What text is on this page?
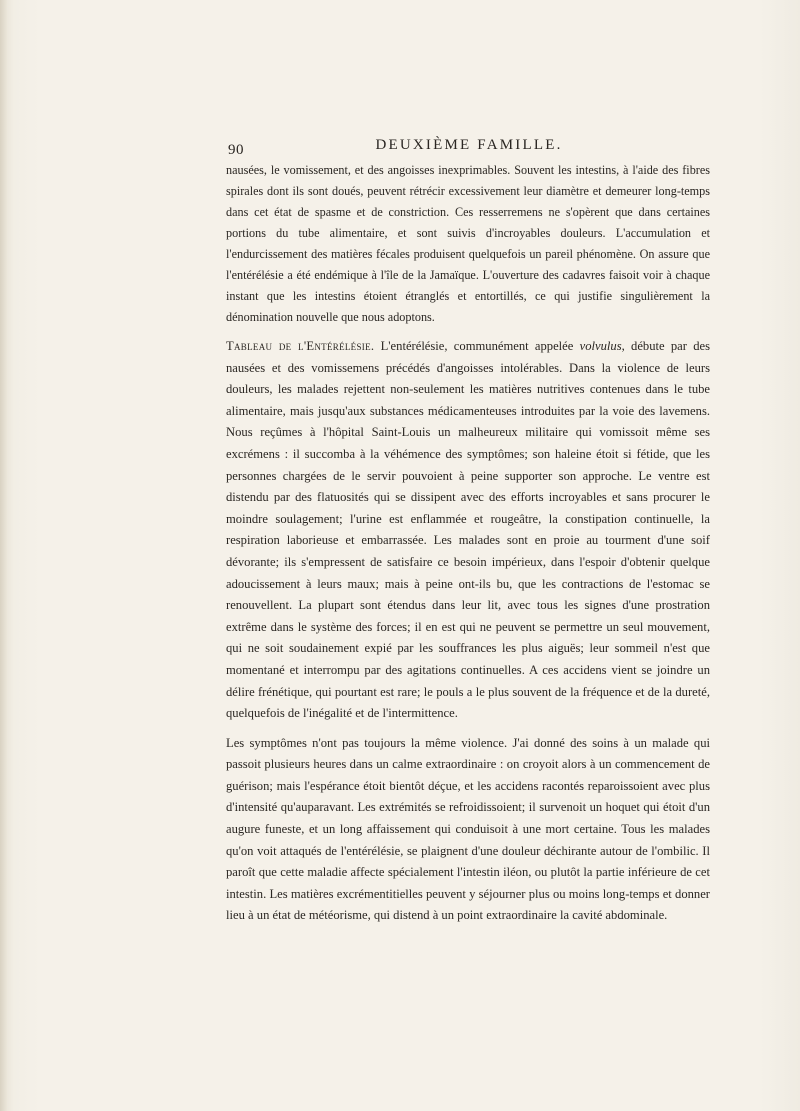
90	DEUXIÈME FAMILLE.

nausées, le vomissement, et des angoisses inexprimables. Souvent les intestins, à l'aide des fibres spirales dont ils sont doués, peuvent rétrécir excessivement leur diamètre et demeurer long-temps dans cet état de spasme et de constriction. Ces resserremens ne s'opèrent que dans certaines portions du tube alimentaire, et sont suivis d'incroyables douleurs. L'accumulation et l'endurcissement des matières fécales produisent quelquefois un pareil phénomène. On assure que l'entérélésie a été endémique à l'île de la Jamaïque. L'ouverture des cadavres faisoit voir à chaque instant que les intestins étoient étranglés et entortillés, ce qui justifie singulièrement la dénomination nouvelle que nous adoptons.

Tableau de l'Entérélésie. L'entérélésie, communément appelée volvulus, débute par des nausées et des vomissemens précédés d'angoisses intolérables. Dans la violence de leurs douleurs, les malades rejettent non-seulement les matières nutritives contenues dans le tube alimentaire, mais jusqu'aux substances médicamenteuses introduites par la voie des lavemens. Nous reçûmes à l'hôpital Saint-Louis un malheureux militaire qui vomissoit même ses excrémens : il succomba à la véhémence des symptômes; son haleine étoit si fétide, que les personnes chargées de le servir pouvoient à peine supporter son approche. Le ventre est distendu par des flatuosités qui se dissipent avec des efforts incroyables et sans procurer le moindre soulagement; l'urine est enflammée et rougeâtre, la constipation continuelle, la respiration laborieuse et embarrassée. Les malades sont en proie au tourment d'une soif dévorante; ils s'empressent de satisfaire ce besoin impérieux, dans l'espoir d'obtenir quelque adoucissement à leurs maux; mais à peine ont-ils bu, que les contractions de l'estomac se renouvellent. La plupart sont étendus dans leur lit, avec tous les signes d'une prostration extrême dans le système des forces; il en est qui ne peuvent se permettre un seul mouvement, qui ne soit soudainement expié par les souffrances les plus aiguës; leur sommeil n'est que momentané et interrompu par des agitations continuelles. A ces accidens vient se joindre un délire frénétique, qui pourtant est rare; le pouls a le plus souvent de la fréquence et de la dureté, quelquefois de l'inégalité et de l'intermittence.

Les symptômes n'ont pas toujours la même violence. J'ai donné des soins à un malade qui passoit plusieurs heures dans un calme extraordinaire : on croyoit alors à un commencement de guérison; mais l'espérance étoit bientôt déçue, et les accidens racontés reparoissoient avec plus d'intensité qu'auparavant. Les extrémités se refroidissoient; il survenoit un hoquet qui étoit d'un augure funeste, et un long affaissement qui conduisoit à une mort certaine. Tous les malades qu'on voit attaqués de l'entérélésie, se plaignent d'une douleur déchirante autour de l'ombilic. Il paroît que cette maladie affecte spécialement l'intestin iléon, ou plutôt la partie inférieure de cet intestin. Les matières excrémentitielles peuvent y séjourner plus ou moins long-temps et donner lieu à un état de météorisme, qui distend à un point extraordinaire la cavité abdominale.
